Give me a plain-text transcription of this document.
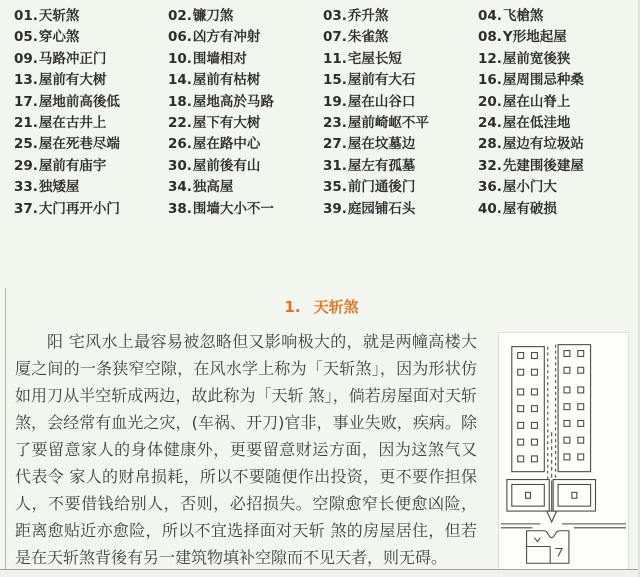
01.天斩煞	02.镰刀煞	03.乔升煞	04.飞槍煞
05.穿心煞	06.凶方有冲射	07.朱雀煞	08.Y形地起屋
09.马路冲正门	10.围墙相对	11.宅屋长短	12.屋前宽後狭
13.屋前有大树	14.屋前有枯树	15.屋前有大石	16.屋周围忌种桑
17.屋地前高後低	18.屋地高於马路	19.屋在山谷口	20.屋在山脊上
21.屋在古井上	22.屋下有大树	23.屋前崎岖不平	24.屋在低洼地
25.屋在死巷尽端	26.屋在路中心	27.屋在坟墓边	28.屋边有垃圾站
29.屋前有庙宇	30.屋前後有山	31.屋左有孤墓	32.先建围後建屋
33.独矮屋	34.独高屋	35.前门通後门	36.屋小门大
37.大门再开小门	38.围墙大小不一	39.庭园铺石头	40.屋有破损
1. 天斩煞

阳 宅风水上最容易被忽略但又影响极大的，就是两幢高楼大厦之间的一条狭窄空隙，在风水学上称为「天斩煞」，因为形状仿如用刀从半空斩成两边，故此称为「天斩 煞」，倘若房屋面对天斩煞，会经常有血光之灾，(车祸、开刀)官非，事业失败，疾病。除了要留意家人的身体健康外，更要留意财运方面，因为这煞气又代表令 家人的财帛损耗，所以不要随便作出投资，更不要作担保人，不要借钱给别人，否则，必招损失。空隙愈窄长便愈凶险，距离愈贴近亦愈险，所以不宜选择面对天斩 煞的房屋居住，但若是在天斩煞背後有另一建筑物填补空隙而不见天者，则无碍。
